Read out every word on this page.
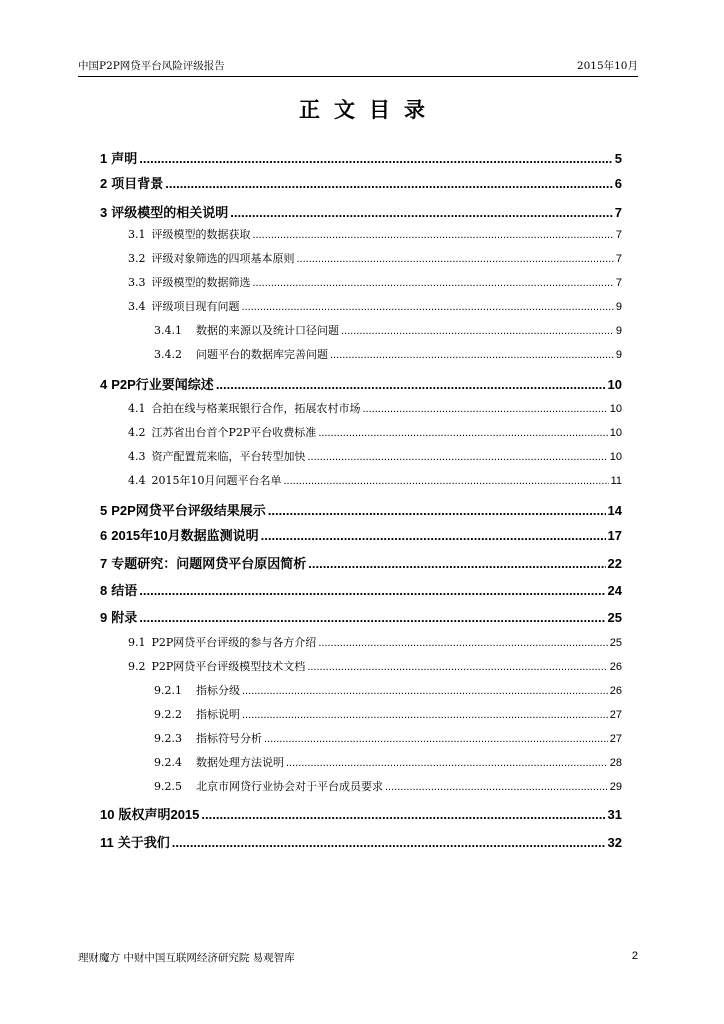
中国P2P网贷平台风险评级报告	2015年10月
正文目录
1 声明 .....	5
2 项目背景 .....	6
3 评级模型的相关说明 .....	7
3.1 评级模型的数据获取 .....	7
3.2 评级对象筛选的四项基本原则 .....	7
3.3 评级模型的数据筛选 .....	7
3.4 评级项目现有问题 .....	9
3.4.1 数据的来源以及统计口径问题 .....	9
3.4.2 问题平台的数据库完善问题 .....	9
4 P2P行业要闻综述 .....	10
4.1 合拍在线与格莱珉银行合作，拓展农村市场 .....	10
4.2 江苏省出台首个P2P平台收费标准 .....	10
4.3 资产配置荒来临，平台转型加快 .....	10
4.4 2015年10月问题平台名单 .....	11
5 P2P网贷平台评级结果展示 .....	14
6 2015年10月数据监测说明 .....	17
7 专题研究：问题网贷平台原因简析 .....	22
8 结语 .....	24
9 附录 .....	25
9.1 P2P网贷平台评级的参与各方介绍 .....	25
9.2 P2P网贷平台评级模型技术文档 .....	26
9.2.1 指标分级 .....	26
9.2.2 指标说明 .....	27
9.2.3 指标符号分析 .....	27
9.2.4 数据处理方法说明 .....	28
9.2.5 北京市网贷行业协会对于平台成员要求 .....	29
10 版权声明2015 .....	31
11 关于我们 .....	32
理财魔方 中财中国互联网经济研究院 易观智库	2
